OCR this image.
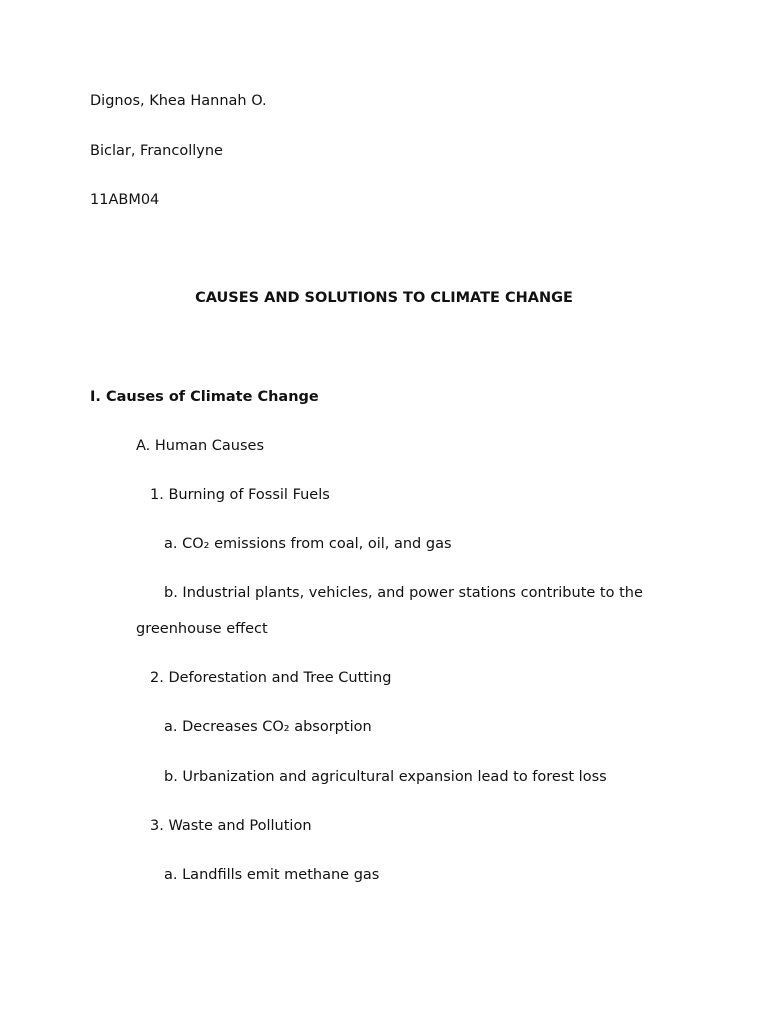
Dignos, Khea Hannah O.
Biclar, Francollyne
11ABM04
CAUSES AND SOLUTIONS TO CLIMATE CHANGE
I. Causes of Climate Change
A. Human Causes
1. Burning of Fossil Fuels
a. CO₂ emissions from coal, oil, and gas
b. Industrial plants, vehicles, and power stations contribute to the
greenhouse effect
2. Deforestation and Tree Cutting
a. Decreases CO₂ absorption
b. Urbanization and agricultural expansion lead to forest loss
3. Waste and Pollution
a. Landfills emit methane gas
